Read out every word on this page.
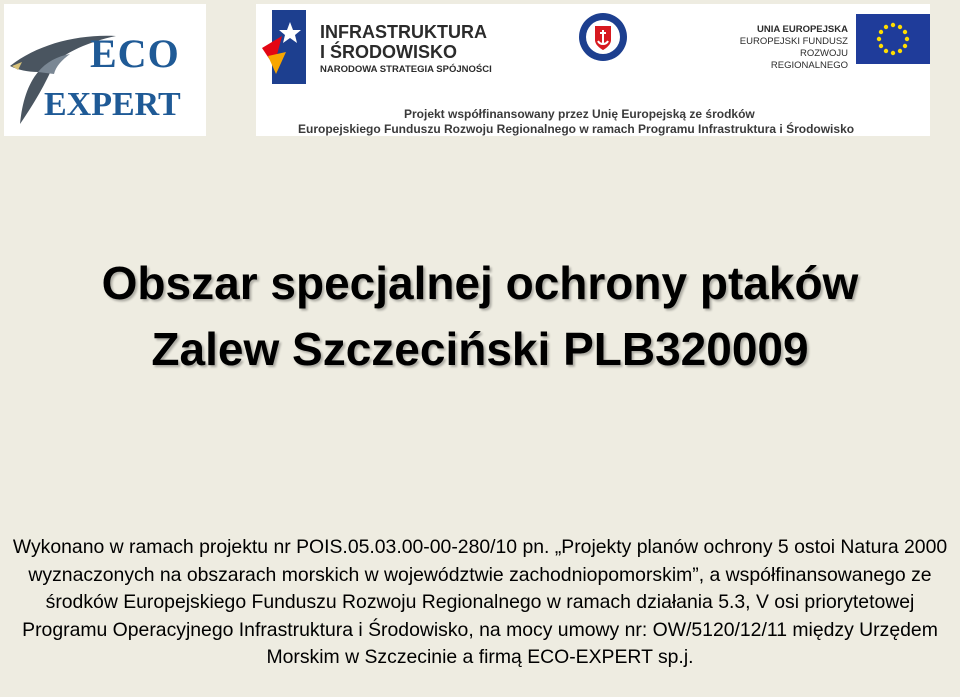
ECO
EXPERT
INFRASTRUKTURA
I ŚRODOWISKO
NARODOWA STRATEGIA SPÓJNOŚCI
UNIA EUROPEJSKA
EUROPEJSKI FUNDUSZ
ROZWOJU REGIONALNEGO
Projekt współfinansowany przez Unię Europejską ze środków
Europejskiego Funduszu Rozwoju Regionalnego w ramach Programu Infrastruktura i Środowisko
Obszar specjalnej ochrony ptaków
Zalew Szczeciński PLB320009
Wykonano w ramach projektu nr POIS.05.03.00-00-280/10 pn. „Projekty planów ochrony 5 ostoi Natura 2000 wyznaczonych na obszarach morskich w województwie zachodniopomorskim”, a współfinansowanego ze środków Europejskiego Funduszu Rozwoju Regionalnego w ramach działania 5.3, V osi priorytetowej Programu Operacyjnego Infrastruktura i Środowisko, na mocy umowy nr: OW/5120/12/11 między Urzędem Morskim w Szczecinie a firmą ECO-EXPERT sp.j.
